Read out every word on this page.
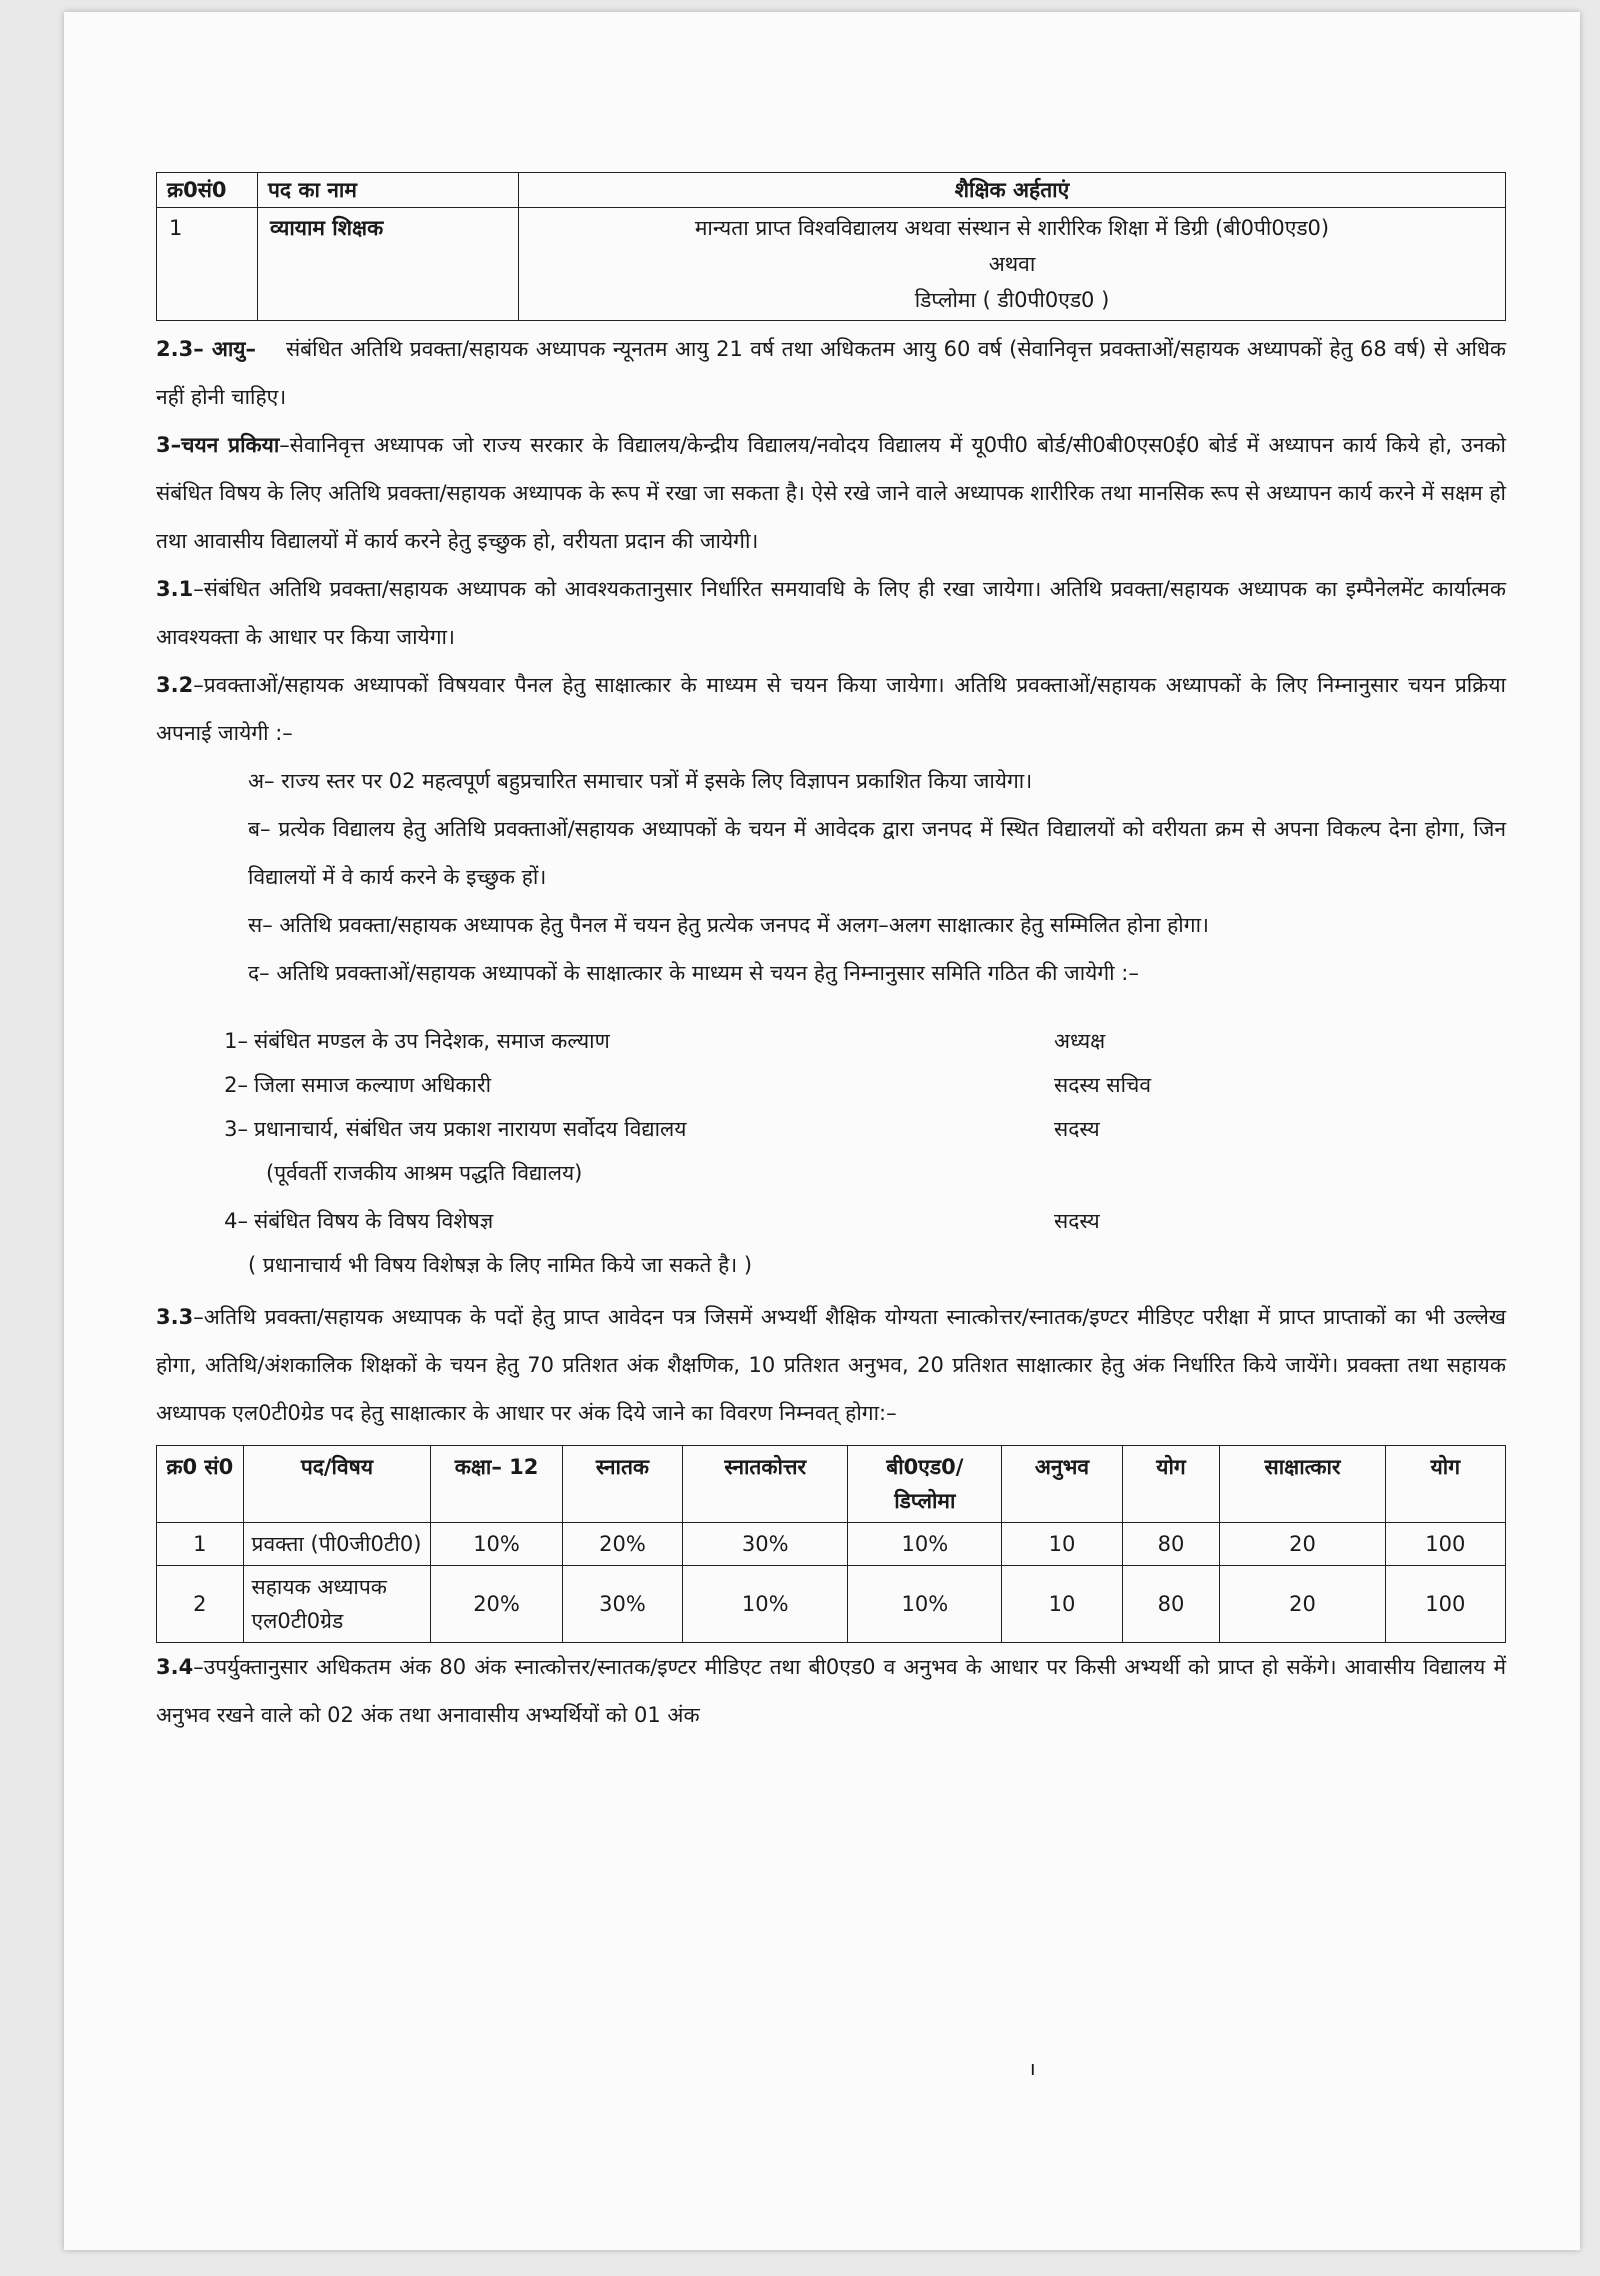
क्र0सं0	पद का नाम	शैक्षिक अर्हताएं
1	व्यायाम शिक्षक	मान्यता प्राप्त विश्वविद्यालय अथवा संस्थान से शारीरिक शिक्षा में डिग्री (बी0पी0एड0)
अथवा
डिप्लोमा ( डी0पी0एड0 )

2.3– आयु– संबंधित अतिथि प्रवक्ता/सहायक अध्यापक न्यूनतम आयु 21 वर्ष तथा अधिकतम आयु 60 वर्ष (सेवानिवृत्त प्रवक्ताओं/सहायक अध्यापकों हेतु 68 वर्ष) से अधिक नहीं होनी चाहिए।

3–चयन प्रकिया–सेवानिवृत्त अध्यापक जो राज्य सरकार के विद्यालय/केन्द्रीय विद्यालय/नवोदय विद्यालय में यू0पी0 बोर्ड/सी0बी0एस0ई0 बोर्ड में अध्यापन कार्य किये हो, उनको संबंधित विषय के लिए अतिथि प्रवक्ता/सहायक अध्यापक के रूप में रखा जा सकता है। ऐसे रखे जाने वाले अध्यापक शारीरिक तथा मानसिक रूप से अध्यापन कार्य करने में सक्षम हो तथा आवासीय विद्यालयों में कार्य करने हेतु इच्छुक हो, वरीयता प्रदान की जायेगी।

3.1–संबंधित अतिथि प्रवक्ता/सहायक अध्यापक को आवश्यकतानुसार निर्धारित समयावधि के लिए ही रखा जायेगा। अतिथि प्रवक्ता/सहायक अध्यापक का इम्पैनेलमेंट कार्यात्मक आवश्यक्ता के आधार पर किया जायेगा।

3.2–प्रवक्ताओं/सहायक अध्यापकों विषयवार पैनल हेतु साक्षात्कार के माध्यम से चयन किया जायेगा। अतिथि प्रवक्ताओं/सहायक अध्यापकों के लिए निम्नानुसार चयन प्रक्रिया अपनाई जायेगी :–

अ– राज्य स्तर पर 02 महत्वपूर्ण बहुप्रचारित समाचार पत्रों में इसके लिए विज्ञापन प्रकाशित किया जायेगा।

ब– प्रत्येक विद्यालय हेतु अतिथि प्रवक्ताओं/सहायक अध्यापकों के चयन में आवेदक द्वारा जनपद में स्थित विद्यालयों को वरीयता क्रम से अपना विकल्प देना होगा, जिन विद्यालयों में वे कार्य करने के इच्छुक हों।

स– अतिथि प्रवक्ता/सहायक अध्यापक हेतु पैनल में चयन हेतु प्रत्येक जनपद में अलग–अलग साक्षात्कार हेतु सम्मिलित होना होगा।

द– अतिथि प्रवक्ताओं/सहायक अध्यापकों के साक्षात्कार के माध्यम से चयन हेतु निम्नानुसार समिति गठित की जायेगी :–

1– संबंधित मण्डल के उप निदेशक, समाज कल्याण	अध्यक्ष
2– जिला समाज कल्याण अधिकारी	सदस्य सचिव
3– प्रधानाचार्य, संबंधित जय प्रकाश नारायण सर्वोदय विद्यालय	सदस्य
(पूर्ववर्ती राजकीय आश्रम पद्धति विद्यालय)
4– संबंधित विषय के विषय विशेषज्ञ	सदस्य
( प्रधानाचार्य भी विषय विशेषज्ञ के लिए नामित किये जा सकते है। )

3.3–अतिथि प्रवक्ता/सहायक अध्यापक के पदों हेतु प्राप्त आवेदन पत्र जिसमें अभ्यर्थी शैक्षिक योग्यता स्नात्कोत्तर/स्नातक/इण्टर मीडिएट परीक्षा में प्राप्त प्राप्ताकों का भी उल्लेख होगा, अतिथि/अंशकालिक शिक्षकों के चयन हेतु 70 प्रतिशत अंक शैक्षणिक, 10 प्रतिशत अनुभव, 20 प्रतिशत साक्षात्कार हेतु अंक निर्धारित किये जायेंगे। प्रवक्ता तथा सहायक अध्यापक एल0टी0ग्रेड पद हेतु साक्षात्कार के आधार पर अंक दिये जाने का विवरण निम्नवत् होगा:–

क्र0 सं0	पद/विषय	कक्षा– 12	स्नातक	स्नातकोत्तर	बी0एड0/ डिप्लोमा	अनुभव	योग	साक्षात्कार	योग
1	प्रवक्ता (पी0जी0टी0)	10%	20%	30%	10%	10	80	20	100
2	सहायक अध्यापक एल0टी0ग्रेड	20%	30%	10%	10%	10	80	20	100

3.4–उपर्युक्तानुसार अधिकतम अंक 80 अंक स्नात्कोत्तर/स्नातक/इण्टर मीडिएट तथा बी0एड0 व अनुभव के आधार पर किसी अभ्यर्थी को प्राप्त हो सकेंगे। आवासीय विद्यालय में अनुभव रखने वाले को 02 अंक तथा अनावासीय अभ्यर्थियों को 01 अंक

ı
